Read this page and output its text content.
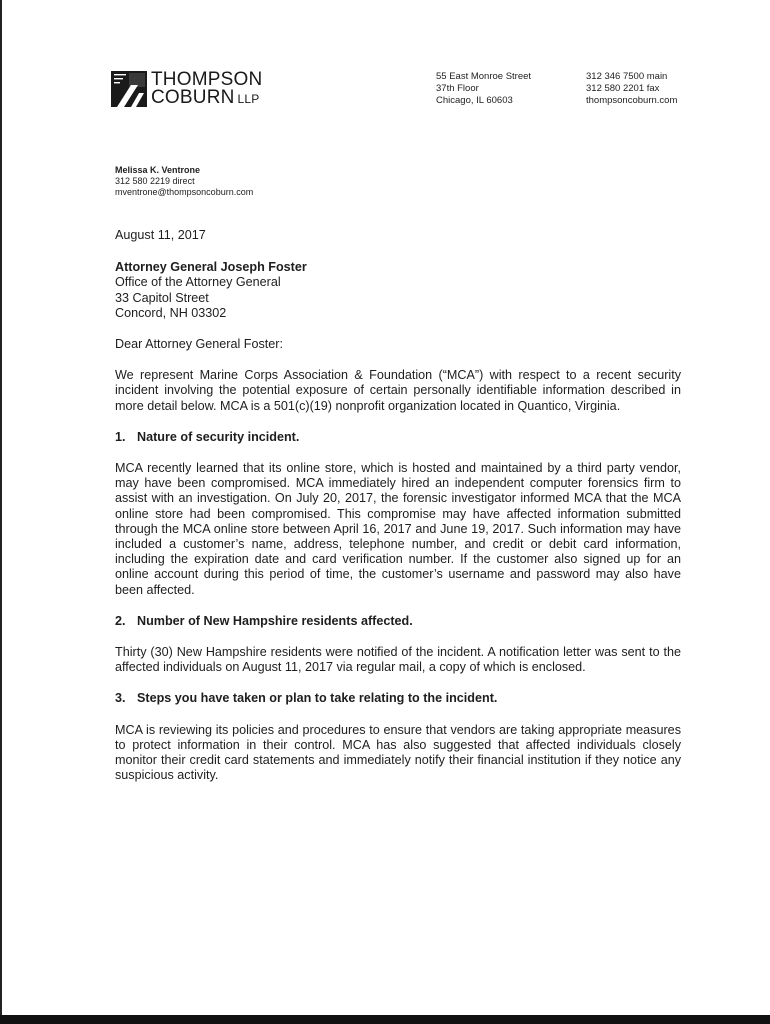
THOMPSON
COBURN LLP
55 East Monroe Street
37th Floor
Chicago, IL 60603
312 346 7500 main
312 580 2201 fax
thompsoncoburn.com
Melissa K. Ventrone
312 580 2219 direct
mventrone@thompsoncoburn.com

August 11, 2017

Attorney General Joseph Foster
Office of the Attorney General
33 Capitol Street
Concord, NH 03302

Dear Attorney General Foster:

We represent Marine Corps Association & Foundation (“MCA”) with respect to a recent security incident involving the potential exposure of certain personally identifiable information described in more detail below. MCA is a 501(c)(19) nonprofit organization located in Quantico, Virginia.

1. Nature of security incident.

MCA recently learned that its online store, which is hosted and maintained by a third party vendor, may have been compromised. MCA immediately hired an independent computer forensics firm to assist with an investigation. On July 20, 2017, the forensic investigator informed MCA that the MCA online store had been compromised. This compromise may have affected information submitted through the MCA online store between April 16, 2017 and June 19, 2017. Such information may have included a customer’s name, address, telephone number, and credit or debit card information, including the expiration date and card verification number. If the customer also signed up for an online account during this period of time, the customer’s username and password may also have been affected.

2. Number of New Hampshire residents affected.

Thirty (30) New Hampshire residents were notified of the incident. A notification letter was sent to the affected individuals on August 11, 2017 via regular mail, a copy of which is enclosed.

3. Steps you have taken or plan to take relating to the incident.

MCA is reviewing its policies and procedures to ensure that vendors are taking appropriate measures to protect information in their control. MCA has also suggested that affected individuals closely monitor their credit card statements and immediately notify their financial institution if they notice any suspicious activity.
